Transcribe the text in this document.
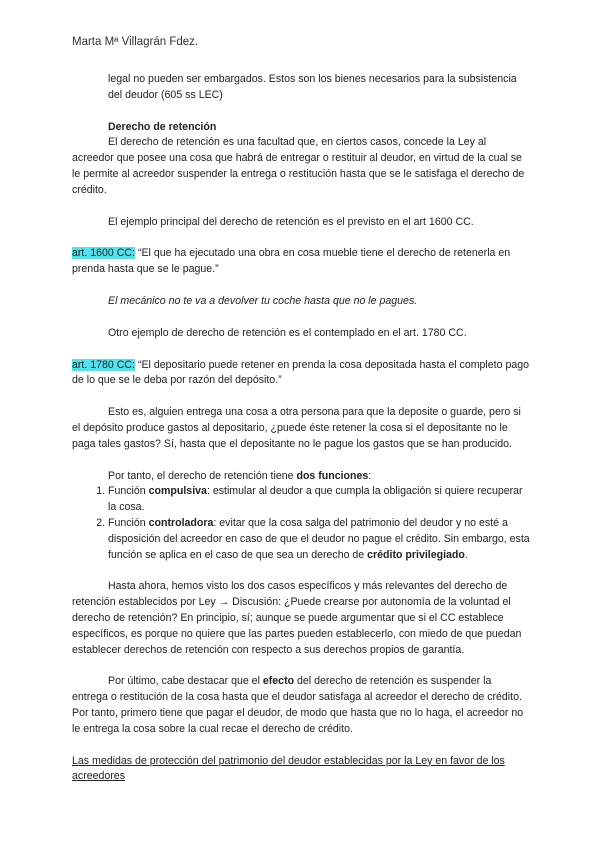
Marta Mª Villagrán Fdez.

legal no pueden ser embargados. Estos son los bienes necesarios para la subsistencia del deudor (605 ss LEC)

Derecho de retención

El derecho de retención es una facultad que, en ciertos casos, concede la Ley al acreedor que posee una cosa que habrá de entregar o restituir al deudor, en virtud de la cual se le permite al acreedor suspender la entrega o restitución hasta que se le satisfaga el derecho de crédito.

El ejemplo principal del derecho de retención es el previsto en el art 1600 CC.

art. 1600 CC: “El que ha ejecutado una obra en cosa mueble tiene el derecho de retenerla en prenda hasta que se le pague.”

El mecánico no te va a devolver tu coche hasta que no le pagues.

Otro ejemplo de derecho de retención es el contemplado en el art. 1780 CC.

art. 1780 CC: “El depositario puede retener en prenda la cosa depositada hasta el completo pago de lo que se le deba por razón del depósito.”

Esto es, alguien entrega una cosa a otra persona para que la deposite o guarde, pero si el depósito produce gastos al depositario, ¿puede éste retener la cosa si el depositante no le paga tales gastos? Sí, hasta que el depositante no le pague los gastos que se han producido.

Por tanto, el derecho de retención tiene dos funciones:

1. Función compulsiva: estimular al deudor a que cumpla la obligación si quiere recuperar la cosa.
2. Función controladora: evitar que la cosa salga del patrimonio del deudor y no esté a disposición del acreedor en caso de que el deudor no pague el crédito. Sin embargo, esta función se aplica en el caso de que sea un derecho de crédito privilegiado.

Hasta ahora, hemos visto los dos casos específicos y más relevantes del derecho de retención establecidos por Ley → Discusión: ¿Puede crearse por autonomía de la voluntad el derecho de retención? En principio, sí; aunque se puede argumentar que si el CC establece específicos, es porque no quiere que las partes pueden establecerlo, con miedo de que puedan establecer derechos de retención con respecto a sus derechos propios de garantía.

Por último, cabe destacar que el efecto del derecho de retención es suspender la entrega o restitución de la cosa hasta que el deudor satisfaga al acreedor el derecho de crédito. Por tanto, primero tiene que pagar el deudor, de modo que hasta que no lo haga, el acreedor no le entrega la cosa sobre la cual recae el derecho de crédito.

Las medidas de protección del patrimonio del deudor establecidas por la Ley en favor de los acreedores
